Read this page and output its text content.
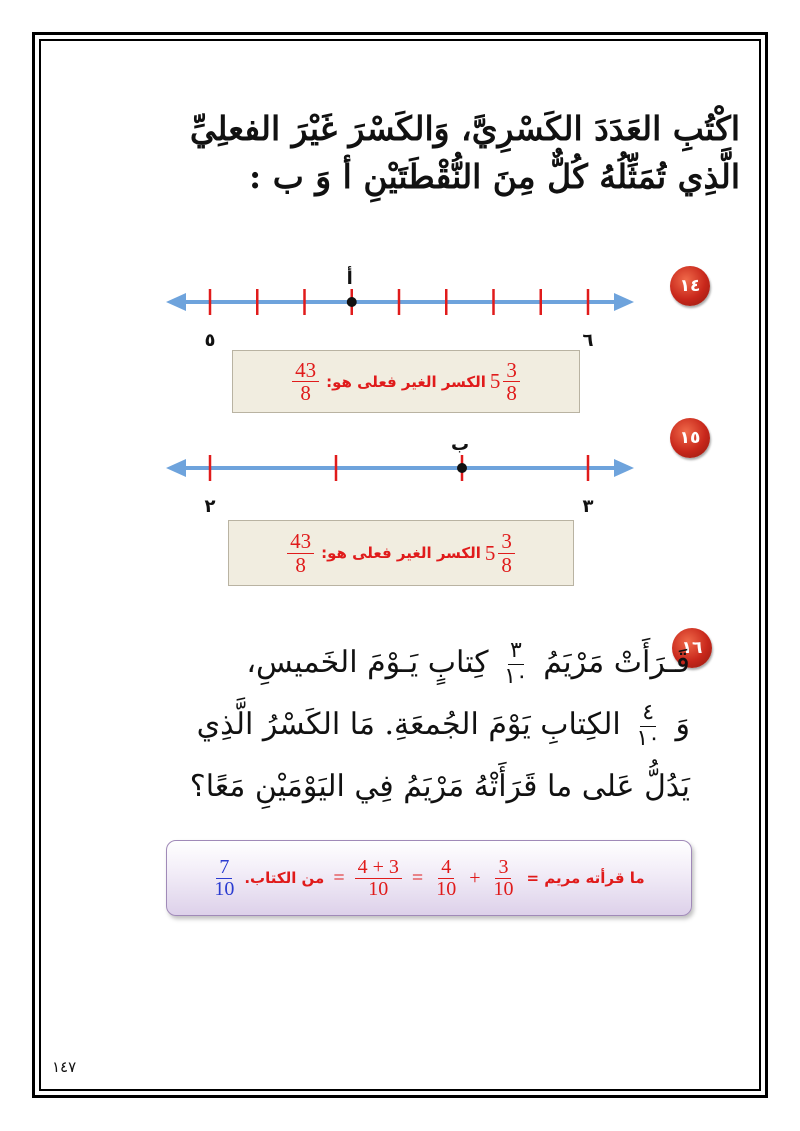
اكْتُبِ العَدَدَ الكَسْرِيَّ، وَالكَسْرَ غَيْرَ الفعلِيِّ الَّذِي تُمَثِّلُهُ كُلٌّ مِنَ النُّقْطَتَيْنِ أ وَ ب :
١٤
أ
٥	٦
$\frac{43}{8}$ الكسر الغير فعلى هو: $5 \frac{3}{8}$
١٥
ب
٢	٣
$\frac{43}{8}$ الكسر الغير فعلى هو: $5 \frac{3}{8}$
١٦
قَـرَأَتْ مَرْيَمُ
٣
١٠
كِتابٍ يَـوْمَ الخَميسِ،
وَ
٤
١٠
الكِتابِ يَوْمَ الجُمعَةِ. مَا الكَسْرُ الَّذِي
يَدُلُّ عَلى ما قَرَأَتْهُ مَرْيَمُ فِي اليَوْمَيْنِ مَعًا؟
$\frac{7}{10}$ من الكتاب. = $\frac{4 + 3}{10} = \frac{4}{10} + \frac{3}{10}$ ما قرأته مريم =
١٤٧
